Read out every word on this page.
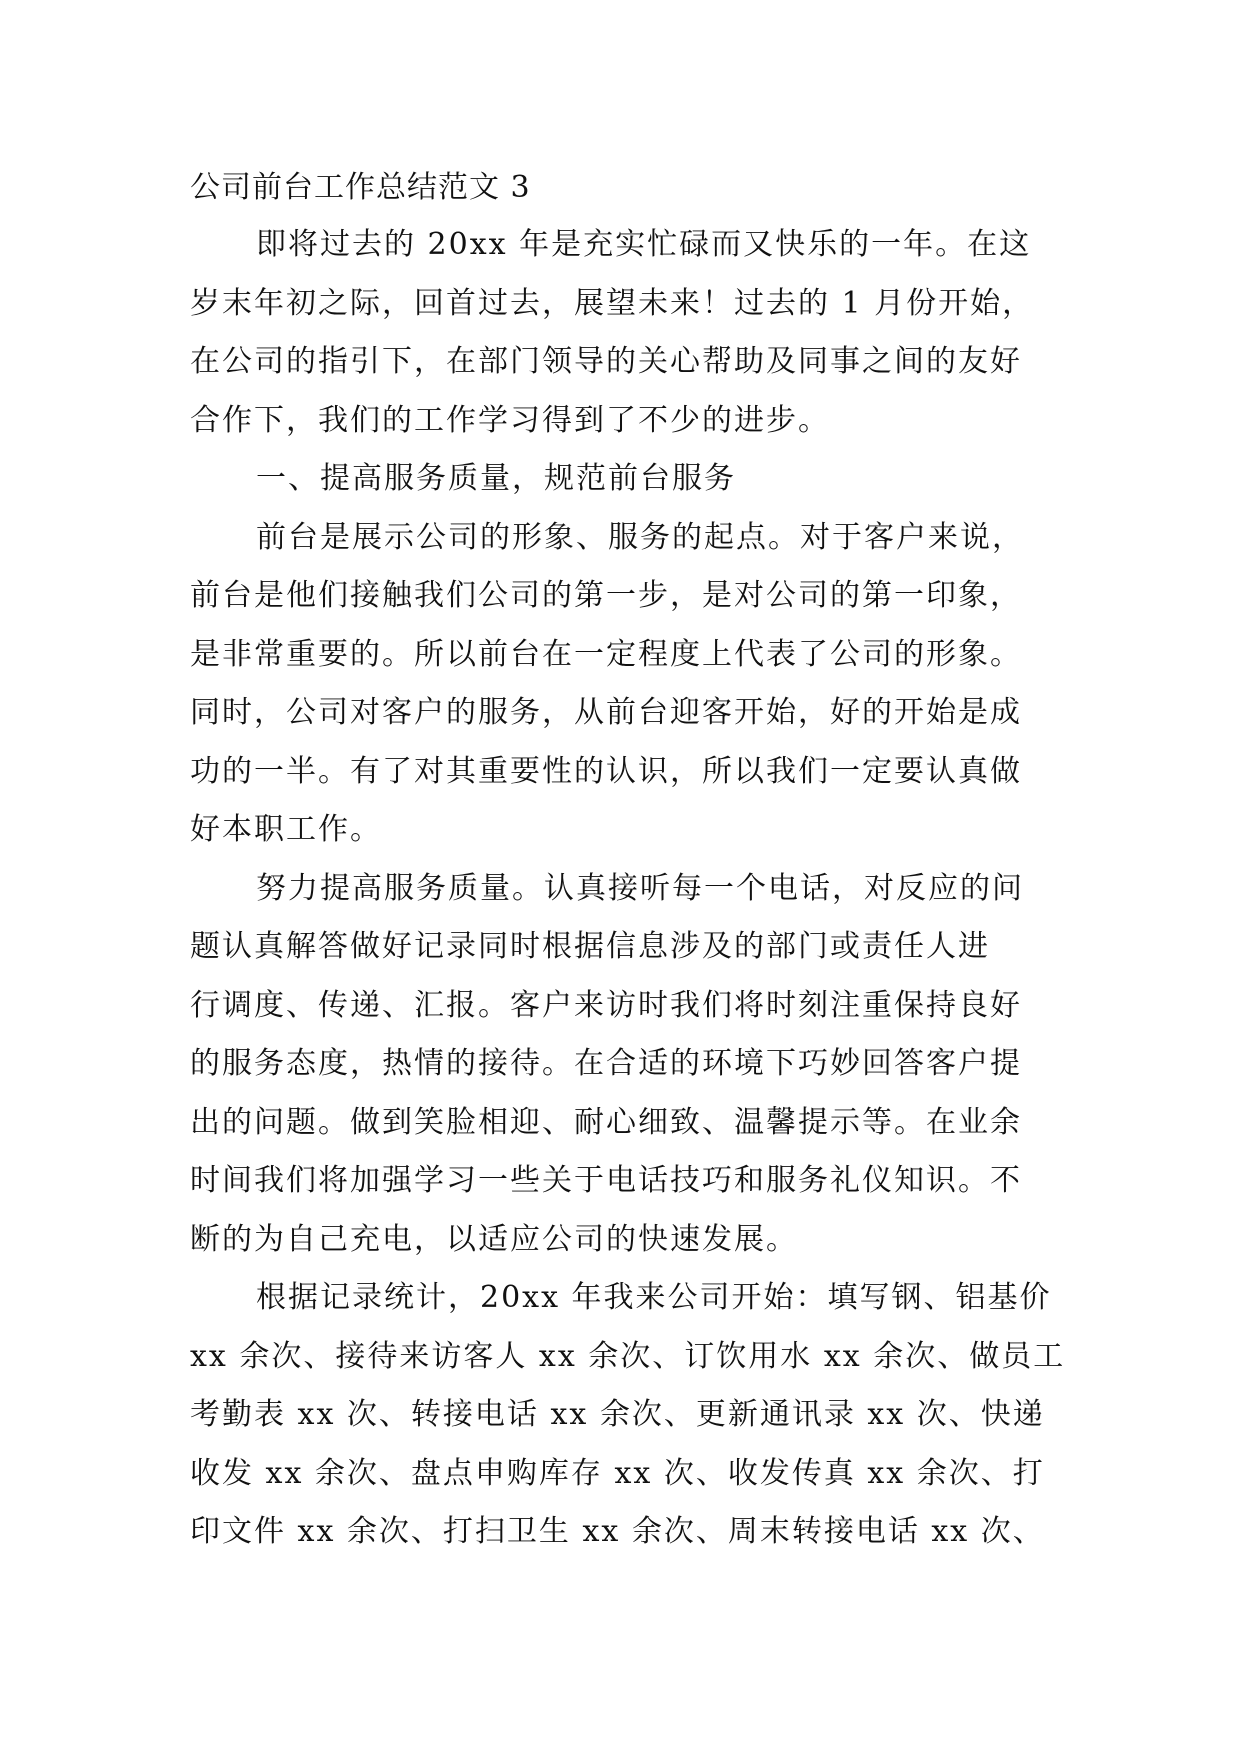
公司前台工作总结范文 3
即将过去的 20xx 年是充实忙碌而又快乐的一年。在这
岁末年初之际，回首过去，展望未来！过去的 1 月份开始，
在公司的指引下，在部门领导的关心帮助及同事之间的友好
合作下，我们的工作学习得到了不少的进步。
一、提高服务质量，规范前台服务
前台是展示公司的形象、服务的起点。对于客户来说，
前台是他们接触我们公司的第一步，是对公司的第一印象，
是非常重要的。所以前台在一定程度上代表了公司的形象。
同时，公司对客户的服务，从前台迎客开始，好的开始是成
功的一半。有了对其重要性的认识，所以我们一定要认真做
好本职工作。
努力提高服务质量。认真接听每一个电话，对反应的问
题认真解答做好记录同时根据信息涉及的部门或责任人进
行调度、传递、汇报。客户来访时我们将时刻注重保持良好
的服务态度，热情的接待。在合适的环境下巧妙回答客户提
出的问题。做到笑脸相迎、耐心细致、温馨提示等。在业余
时间我们将加强学习一些关于电话技巧和服务礼仪知识。不
断的为自己充电，以适应公司的快速发展。
根据记录统计，20xx 年我来公司开始：填写钢、铝基价
xx 余次、接待来访客人 xx 余次、订饮用水 xx 余次、做员工
考勤表 xx 次、转接电话 xx 余次、更新通讯录 xx 次、快递
收发 xx 余次、盘点申购库存 xx 次、收发传真 xx 余次、打
印文件 xx 余次、打扫卫生 xx 余次、周末转接电话 xx 次、
